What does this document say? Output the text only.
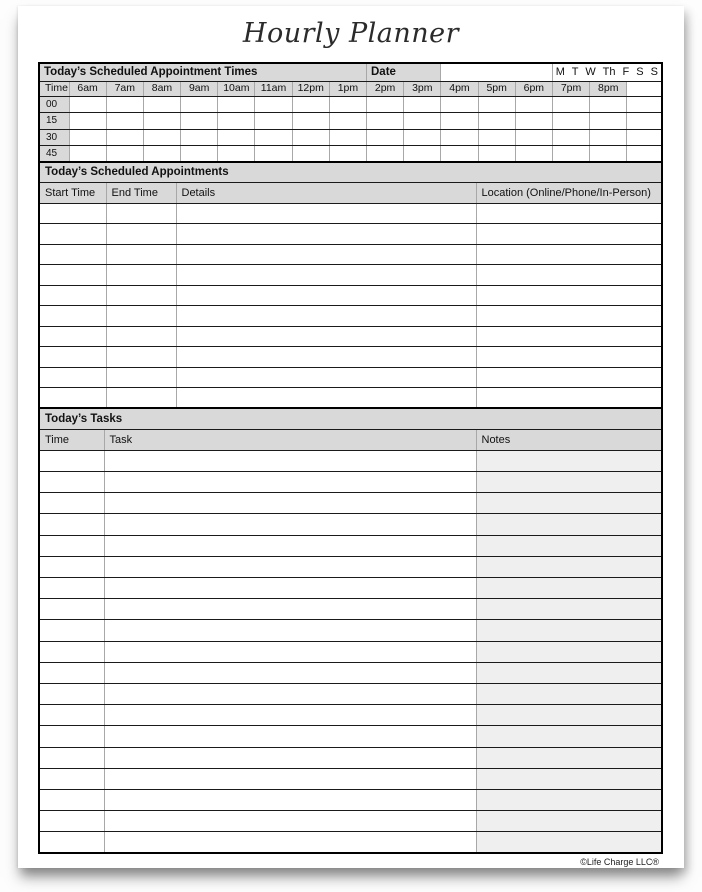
Hourly Planner
Today’s Scheduled Appointment Times									Date					M T W Th F S S		
Time	6am	7am	8am	9am	10am	11am	12pm	1pm	2pm	3pm	4pm	5pm	6pm	7pm	8pm	
00																
15																
30																
45																
Today’s Scheduled Appointments			
Start Time	End Time	Details	Location (Online/Phone/In-Person)

Today’s Tasks		
Time	Task	Notes

©Life Charge LLC®
